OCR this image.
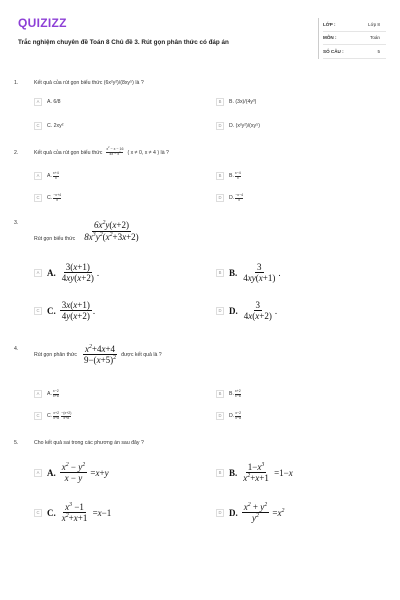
QUIZIZZ
Trắc nghiệm chuyên đề Toán 8 Chủ đề 3. Rút gọn phân thức có đáp án
LỚP :	Lớp 8
MÔN :	Toán
SỐ CÂU :	5
1.	Kết quả của rút gọn biểu thức (6x²y²)/(8xy⁵) là ?
A	A. 6/8	B	B. (3x)/(4y³)
C	C. 2xy²	D	D. (x²y²)/(xy⁵)
2.	Kết quả của rút gọn biểu thức
$x^2 - x - 16$
$4x - x^2$ ( x ≠ 0, x ≠ 4 ) là ?
A	A.
x+4
x	B	B.
x−4
x
C	C.
−x+4
x	D	D.
−x−4
x
3.
Rút gọn biểu thức $\frac{6x^2y(x+2)}{8x^3y^2(x^2+3x+2)}$
A A. $\frac{3(x+1)}{4xy(x+2)}$ .	B B. $\frac{3}{4xy(x+1)}$ .
C C. $\frac{3x(x+1)}{4y(x+2)}$ .	D D. $\frac{3}{4x(x+2)}$ .
4.
Rút gọn phân thức $\frac{x^2+4x+4}{9-(x+5)^2}$ được kết quả là ?
A	A.
x−2
x+8	B	B.
x+2
x−8
C	C.
x+2
x+8
−(x+2)
x+8	D	D.
x−2
x−8
5.	Cho kết quả sai trong các phương án sau đây ?
A A. $\frac{x^2 - y^2}{x - y} = x + y$	B B. $\frac{1-x^3}{x^2+x+1} =1- x$
C C. $\frac{x^3 -1}{x^2+x+1} = x -1$	D D. $\frac{x^2 + y^2}{y^2} = x^2$
